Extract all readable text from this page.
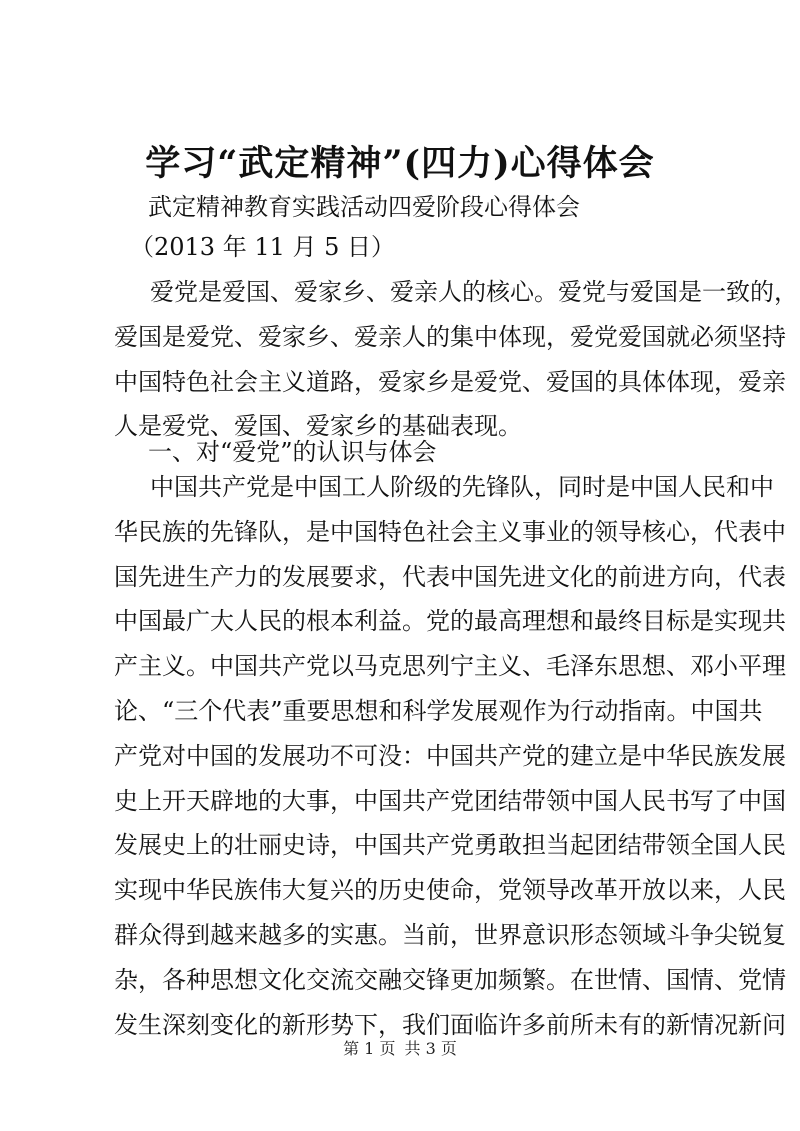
学习“武定精神”(四力)心得体会
武定精神教育实践活动四爱阶段心得体会
（2013 年 11 月 5 日）
爱党是爱国、爱家乡、爱亲人的核心。爱党与爱国是一致的，
爱国是爱党、爱家乡、爱亲人的集中体现，爱党爱国就必须坚持
中国特色社会主义道路，爱家乡是爱党、爱国的具体体现，爱亲
人是爱党、爱国、爱家乡的基础表现。
一、对“爱党”的认识与体会
中国共产党是中国工人阶级的先锋队，同时是中国人民和中
华民族的先锋队，是中国特色社会主义事业的领导核心，代表中
国先进生产力的发展要求，代表中国先进文化的前进方向，代表
中国最广大人民的根本利益。党的最高理想和最终目标是实现共
产主义。中国共产党以马克思列宁主义、毛泽东思想、邓小平理
论、“三个代表”重要思想和科学发展观作为行动指南。中国共
产党对中国的发展功不可没：中国共产党的建立是中华民族发展
史上开天辟地的大事，中国共产党团结带领中国人民书写了中国
发展史上的壮丽史诗，中国共产党勇敢担当起团结带领全国人民
实现中华民族伟大复兴的历史使命，党领导改革开放以来，人民
群众得到越来越多的实惠。当前，世界意识形态领域斗争尖锐复
杂，各种思想文化交流交融交锋更加频繁。在世情、国情、党情
发生深刻变化的新形势下，我们面临许多前所未有的新情况新问
第 1 页 共 3 页
